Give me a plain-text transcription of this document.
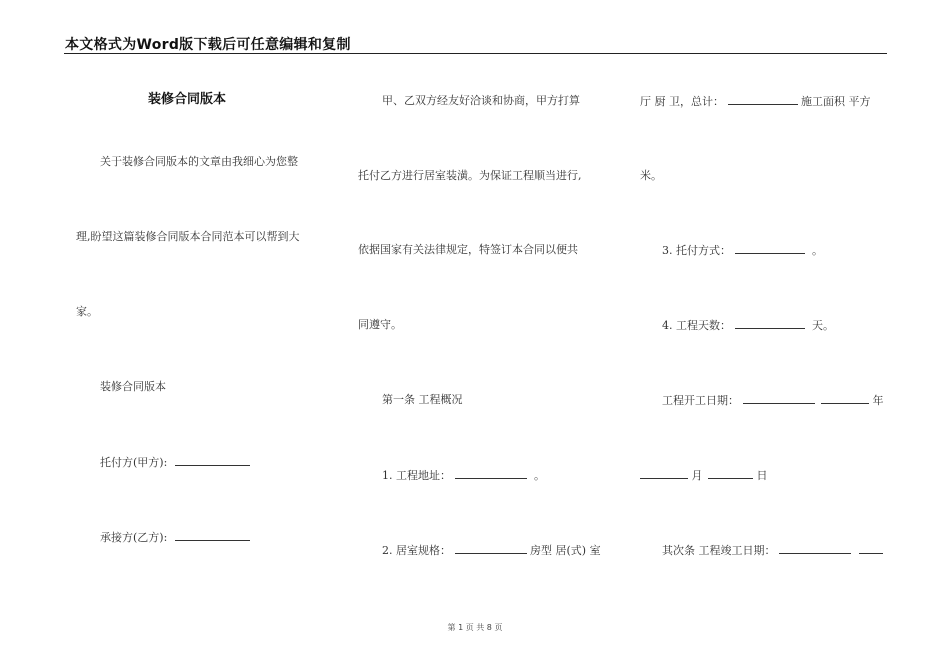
本文格式为Word版下载后可任意编辑和复制
装修合同版本
关于装修合同版本的文章由我细心为您整
理,盼望这篇装修合同版本合同范本可以帮到大
家。
装修合同版本
托付方(甲方):
承接方(乙方):
甲、乙双方经友好洽谈和协商，甲方打算
托付乙方进行居室装潢。为保证工程顺当进行,
依据国家有关法律规定，特签订本合同以便共
同遵守。
第一条 工程概况
1. 工程地址：	。
2. 居室规格：	房型 居(式) 室
厅 厨 卫，总计：	施工面积 平方
米。
3. 托付方式：	。
4. 工程天数：	天。
工程开工日期：	年
月	日
其次条 工程竣工日期：
第 1 页 共 8 页
